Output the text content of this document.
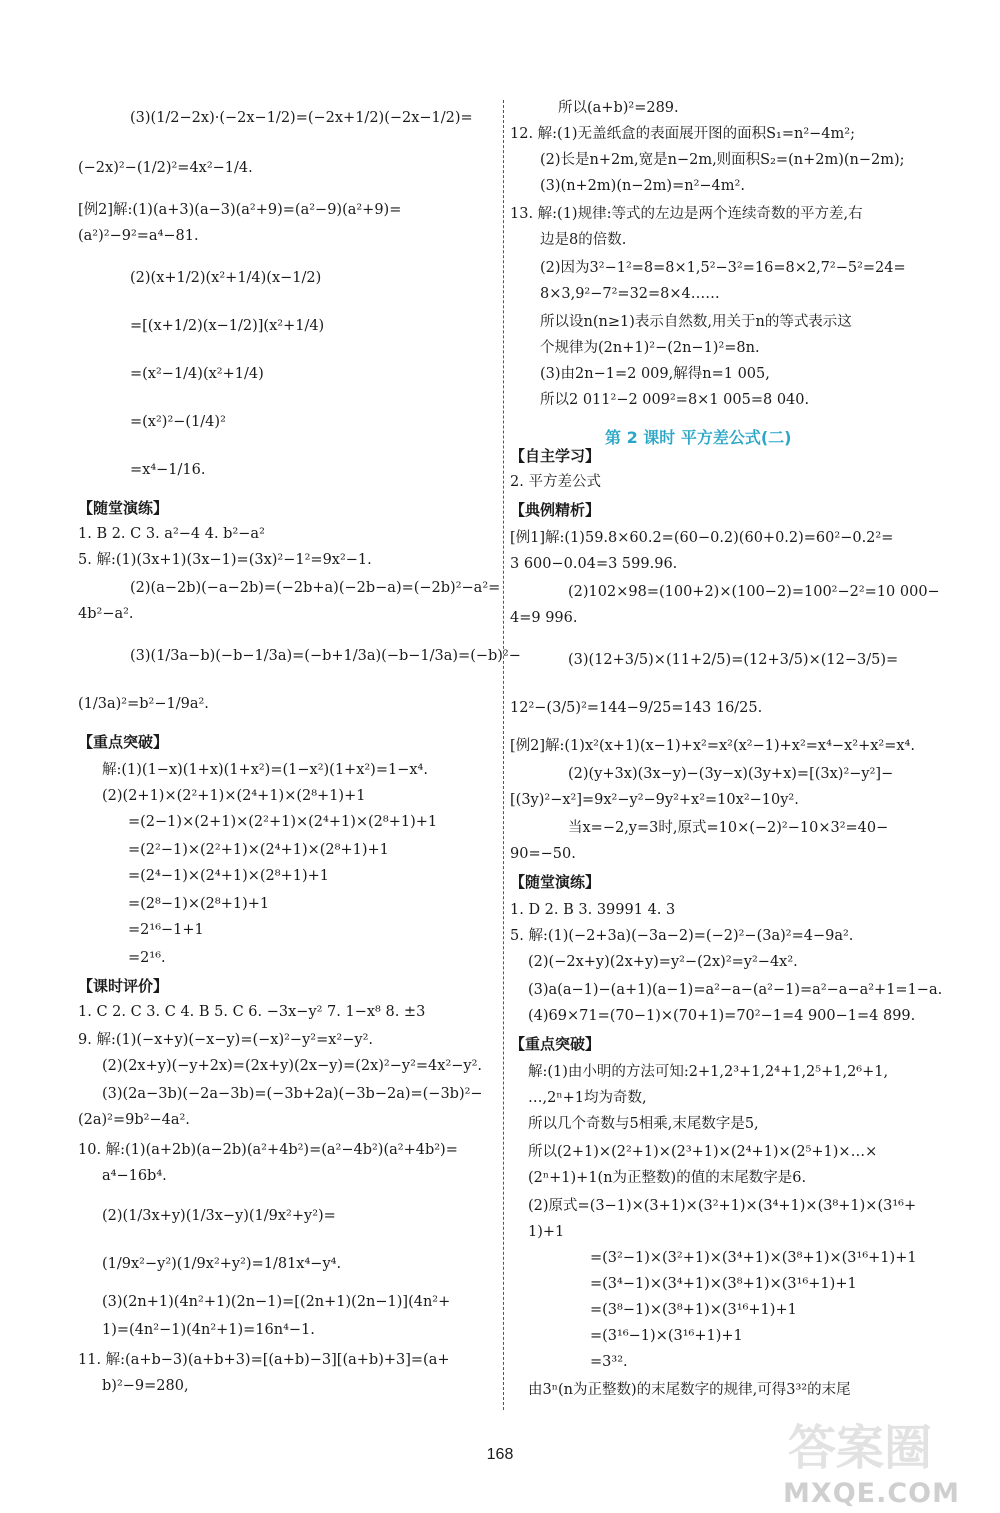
(3)(1/2−2x)·(−2x−1/2)=(−2x+1/2)(−2x−1/2)=
(−2x)²−(1/2)²=4x²−1/4.
[例2]解:(1)(a+3)(a−3)(a²+9)=(a²−9)(a²+9)=
(a²)²−9²=a⁴−81.
(2)(x+1/2)(x²+1/4)(x−1/2)
=[(x+1/2)(x−1/2)](x²+1/4)
=(x²−1/4)(x²+1/4)
=(x²)²−(1/4)²
=x⁴−1/16.
【随堂演练】
1. B 2. C 3. a²−4 4. b²−a²
5. 解:(1)(3x+1)(3x−1)=(3x)²−1²=9x²−1.
(2)(a−2b)(−a−2b)=(−2b+a)(−2b−a)=(−2b)²−a²=
4b²−a².
(3)(1/3a−b)(−b−1/3a)=(−b+1/3a)(−b−1/3a)=(−b)²−
(1/3a)²=b²−1/9a².
【重点突破】
解:(1)(1−x)(1+x)(1+x²)=(1−x²)(1+x²)=1−x⁴.
(2)(2+1)×(2²+1)×(2⁴+1)×(2⁸+1)+1
=(2−1)×(2+1)×(2²+1)×(2⁴+1)×(2⁸+1)+1
=(2²−1)×(2²+1)×(2⁴+1)×(2⁸+1)+1
=(2⁴−1)×(2⁴+1)×(2⁸+1)+1
=(2⁸−1)×(2⁸+1)+1
=2¹⁶−1+1
=2¹⁶.
【课时评价】
1. C 2. C 3. C 4. B 5. C 6. −3x−y² 7. 1−x⁸ 8. ±3
9. 解:(1)(−x+y)(−x−y)=(−x)²−y²=x²−y².
(2)(2x+y)(−y+2x)=(2x+y)(2x−y)=(2x)²−y²=4x²−y².
(3)(2a−3b)(−2a−3b)=(−3b+2a)(−3b−2a)=(−3b)²−
(2a)²=9b²−4a².
10. 解:(1)(a+2b)(a−2b)(a²+4b²)=(a²−4b²)(a²+4b²)=
a⁴−16b⁴.
(2)(1/3x+y)(1/3x−y)(1/9x²+y²)=
(1/9x²−y²)(1/9x²+y²)=1/81x⁴−y⁴.
(3)(2n+1)(4n²+1)(2n−1)=[(2n+1)(2n−1)](4n²+
1)=(4n²−1)(4n²+1)=16n⁴−1.
11. 解:(a+b−3)(a+b+3)=[(a+b)−3][(a+b)+3]=(a+
b)²−9=280,
第 2 课时 平方差公式(二)
所以(a+b)²=289.
12. 解:(1)无盖纸盒的表面展开图的面积S₁=n²−4m²;
(2)长是n+2m,宽是n−2m,则面积S₂=(n+2m)(n−2m);
(3)(n+2m)(n−2m)=n²−4m².
13. 解:(1)规律:等式的左边是两个连续奇数的平方差,右
边是8的倍数.
(2)因为3²−1²=8=8×1,5²−3²=16=8×2,7²−5²=24=
8×3,9²−7²=32=8×4……
所以设n(n≥1)表示自然数,用关于n的等式表示这
个规律为(2n+1)²−(2n−1)²=8n.
(3)由2n−1=2 009,解得n=1 005,
所以2 011²−2 009²=8×1 005=8 040.
【自主学习】
2. 平方差公式
【典例精析】
[例1]解:(1)59.8×60.2=(60−0.2)(60+0.2)=60²−0.2²=
3 600−0.04=3 599.96.
(2)102×98=(100+2)×(100−2)=100²−2²=10 000−
4=9 996.
(3)(12+3/5)×(11+2/5)=(12+3/5)×(12−3/5)=
12²−(3/5)²=144−9/25=143 16/25.
[例2]解:(1)x²(x+1)(x−1)+x²=x²(x²−1)+x²=x⁴−x²+x²=x⁴.
(2)(y+3x)(3x−y)−(3y−x)(3y+x)=[(3x)²−y²]−
[(3y)²−x²]=9x²−y²−9y²+x²=10x²−10y².
当x=−2,y=3时,原式=10×(−2)²−10×3²=40−
90=−50.
【随堂演练】
1. D 2. B 3. 39991 4. 3
5. 解:(1)(−2+3a)(−3a−2)=(−2)²−(3a)²=4−9a².
(2)(−2x+y)(2x+y)=y²−(2x)²=y²−4x².
(3)a(a−1)−(a+1)(a−1)=a²−a−(a²−1)=a²−a−a²+1=1−a.
(4)69×71=(70−1)×(70+1)=70²−1=4 900−1=4 899.
【重点突破】
解:(1)由小明的方法可知:2+1,2³+1,2⁴+1,2⁵+1,2⁶+1,
…,2ⁿ+1均为奇数,
所以几个奇数与5相乘,末尾数字是5,
所以(2+1)×(2²+1)×(2³+1)×(2⁴+1)×(2⁵+1)×…×
(2ⁿ+1)+1(n为正整数)的值的末尾数字是6.
(2)原式=(3−1)×(3+1)×(3²+1)×(3⁴+1)×(3⁸+1)×(3¹⁶+
1)+1
=(3²−1)×(3²+1)×(3⁴+1)×(3⁸+1)×(3¹⁶+1)+1
=(3⁴−1)×(3⁴+1)×(3⁸+1)×(3¹⁶+1)+1
=(3⁸−1)×(3⁸+1)×(3¹⁶+1)+1
=(3¹⁶−1)×(3¹⁶+1)+1
=3³².
由3ⁿ(n为正整数)的末尾数字的规律,可得3³²的末尾
168	答案圈
MXQE.COM
